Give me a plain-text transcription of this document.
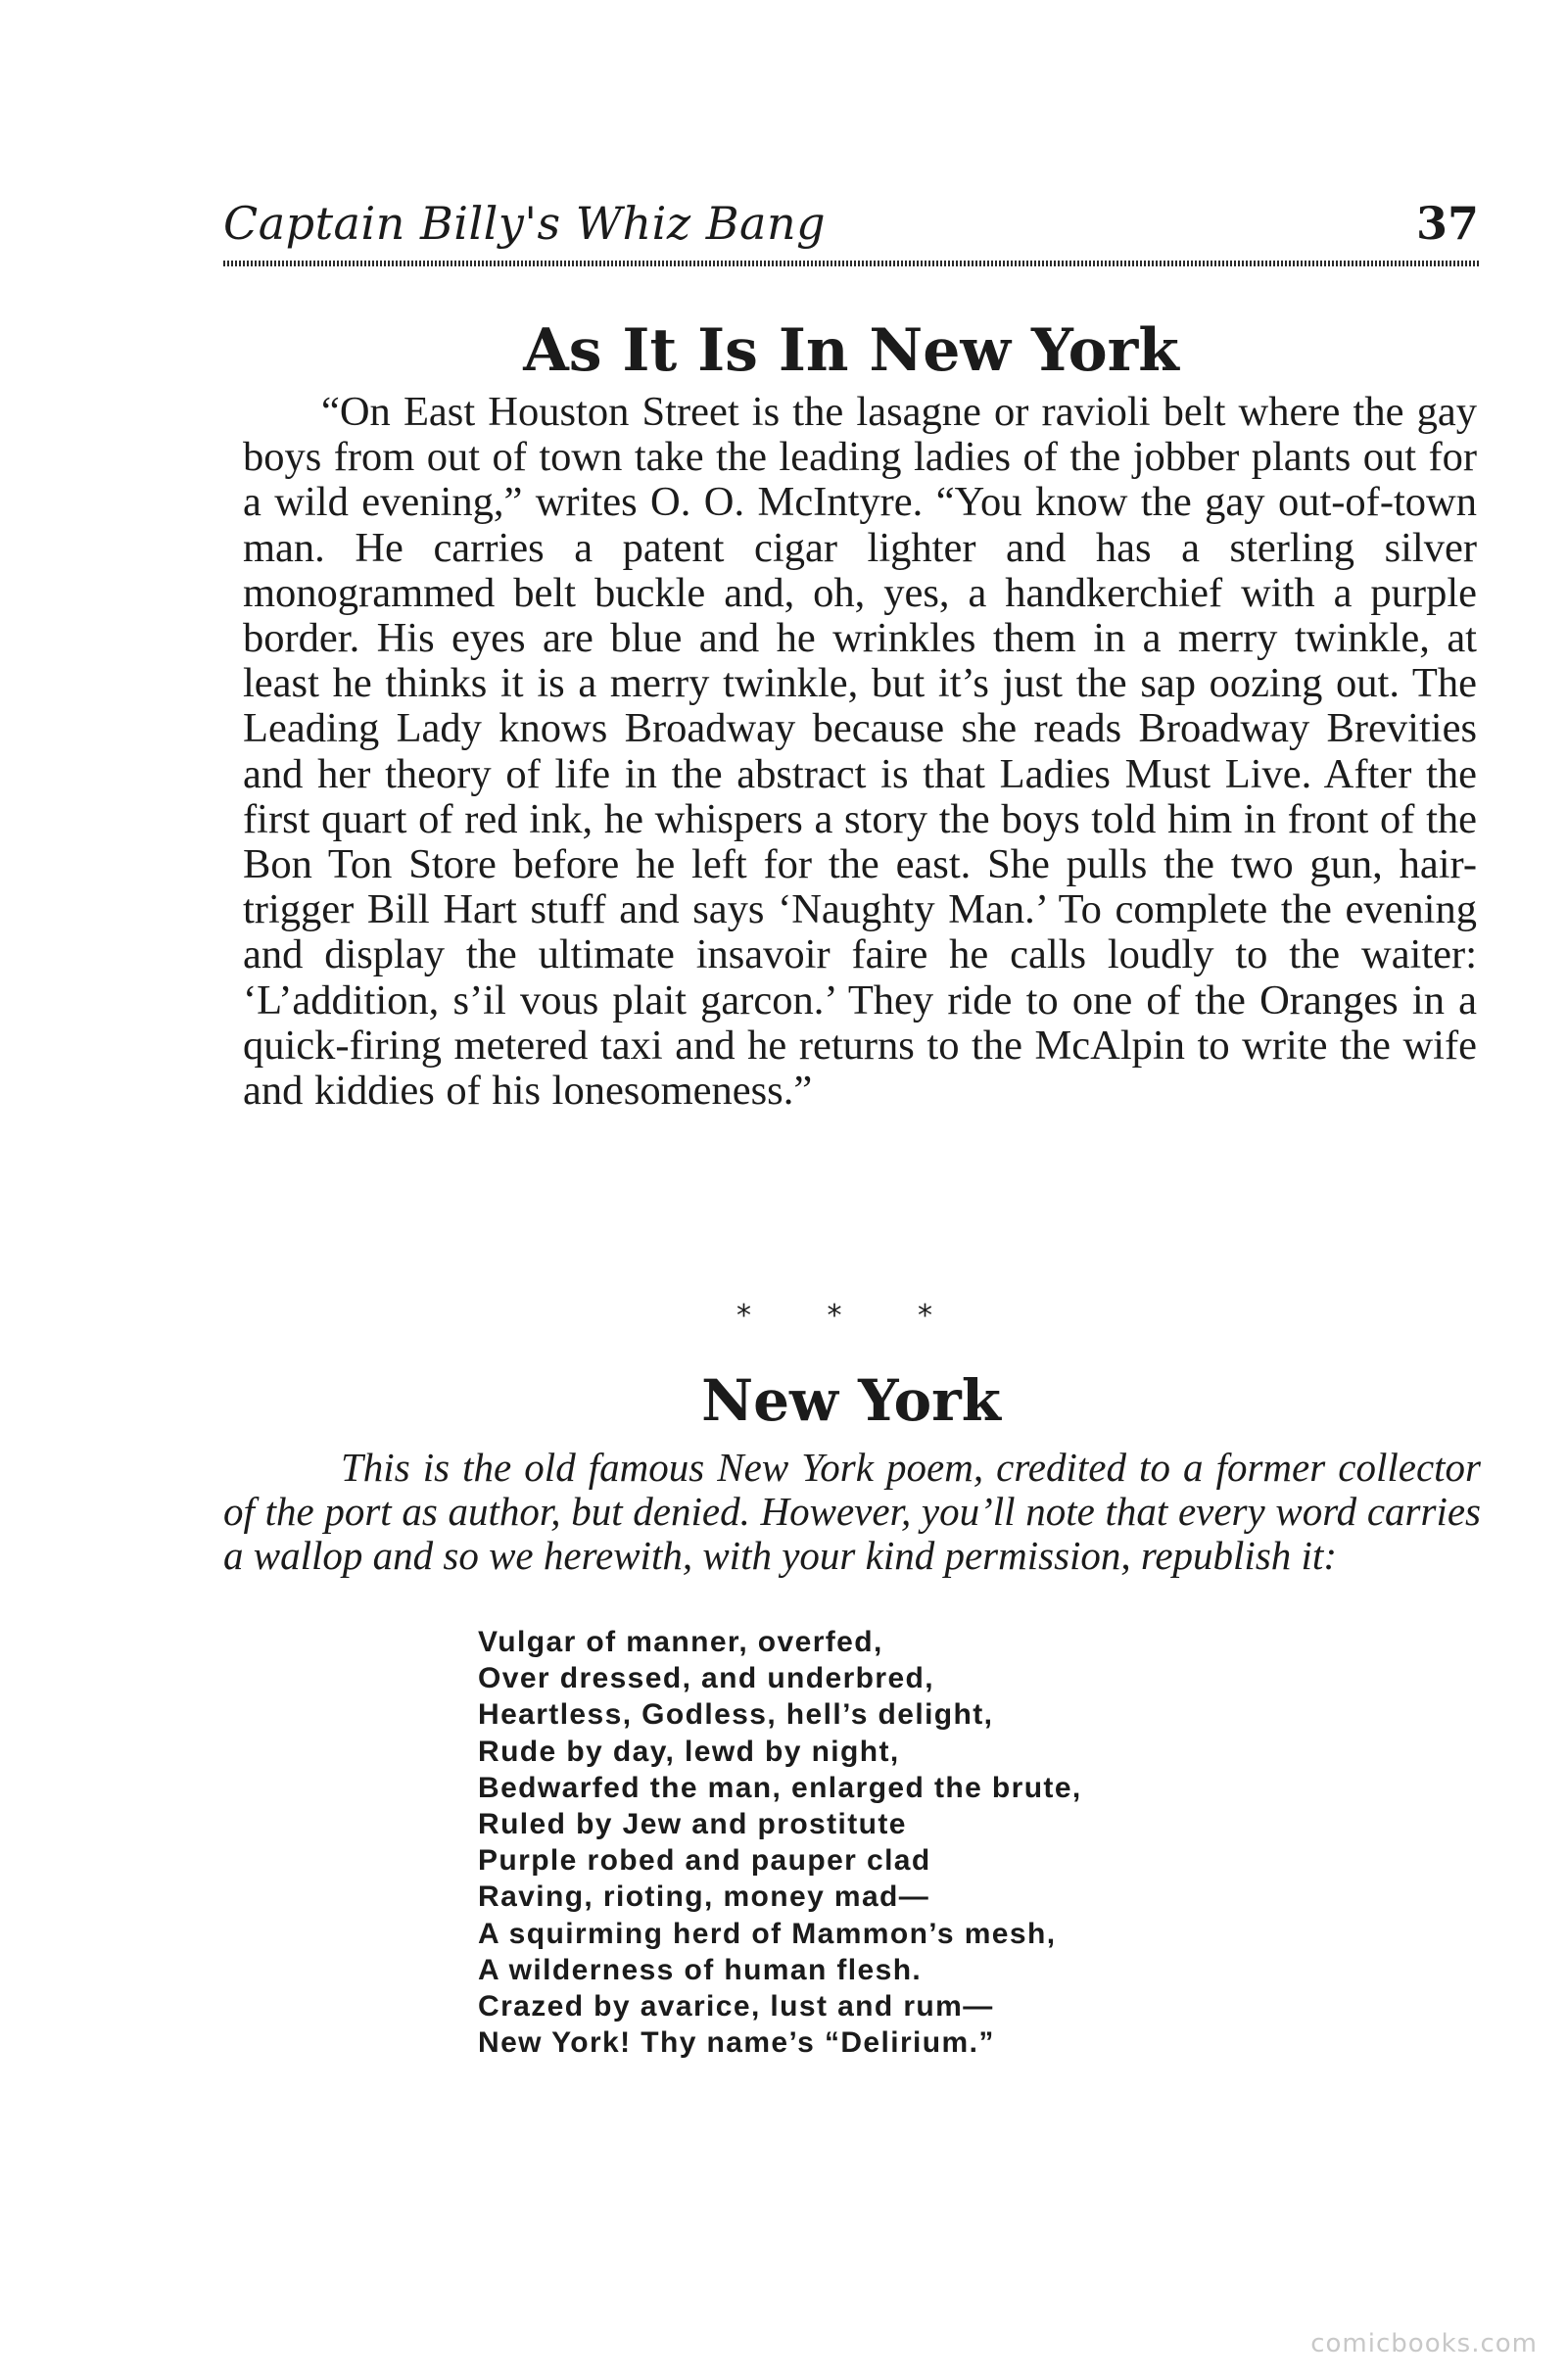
Captain Billy's Whiz Bang	37
As It Is In New York

“On East Houston Street is the lasagne or ravioli belt where the gay boys from out of town take the leading ladies of the jobber plants out for a wild evening,” writes O. O. McIntyre. “You know the gay out-of-town man. He carries a patent cigar lighter and has a sterling silver monogrammed belt buckle and, oh, yes, a handkerchief with a purple border. His eyes are blue and he wrinkles them in a merry twinkle, at least he thinks it is a merry twinkle, but it’s just the sap oozing out. The Leading Lady knows Broadway because she reads Broadway Brevities and her theory of life in the abstract is that Ladies Must Live. After the first quart of red ink, he whispers a story the boys told him in front of the Bon Ton Store before he left for the east. She pulls the two gun, hair-trigger Bill Hart stuff and says ‘Naughty Man.’ To complete the evening and display the ultimate insavoir faire he calls loudly to the waiter: ‘L’addition, s’il vous plait garcon.’ They ride to one of the Oranges in a quick-firing metered taxi and he returns to the McAlpin to write the wife and kiddies of his lonesomeness.”

* * *
New York

This is the old famous New York poem, credited to a former collector of the port as author, but denied. However, you’ll note that every word carries a wallop and so we herewith, with your kind permission, republish it:

Vulgar of manner, overfed,
Over dressed, and underbred,
Heartless, Godless, hell’s delight,
Rude by day, lewd by night,
Bedwarfed the man, enlarged the brute,
Ruled by Jew and prostitute
Purple robed and pauper clad
Raving, rioting, money mad—
A squirming herd of Mammon’s mesh,
A wilderness of human flesh.
Crazed by avarice, lust and rum—
New York! Thy name’s “Delirium.”
comicbooks.com
